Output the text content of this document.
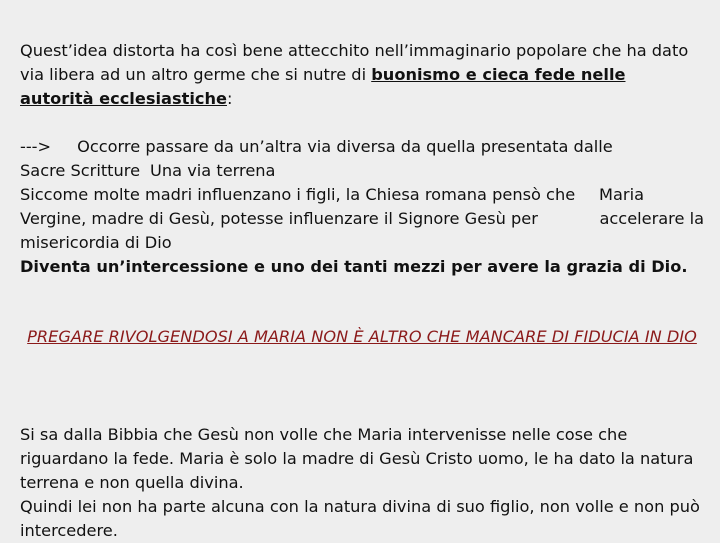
Quest’idea distorta ha così bene attecchito nell’immaginario popolare che ha dato via libera ad un altro germe che si nutre di buonismo e cieca fede nelle autorità ecclesiastiche:

---> Occorre passare da un’altra via diversa da quella presentata dalle
Sacre Scritture Una via terrena
Siccome molte madri influenzano i figli, la Chiesa romana pensò che Maria
Vergine, madre di Gesù, potesse influenzare il Signore Gesù per	accelerare la
misericordia di Dio
Diventa un’intercessione e uno dei tanti mezzi per avere la grazia di Dio.

PREGARE RIVOLGENDOSI A MARIA NON È ALTRO CHE MANCARE DI FIDUCIA IN DIO

Si sa dalla Bibbia che Gesù non volle che Maria intervenisse nelle cose che riguardano la fede. Maria è solo la madre di Gesù Cristo uomo, le ha dato la natura terrena e non quella divina.
Quindi lei non ha parte alcuna con la natura divina di suo figlio, non volle e non può intercedere.
